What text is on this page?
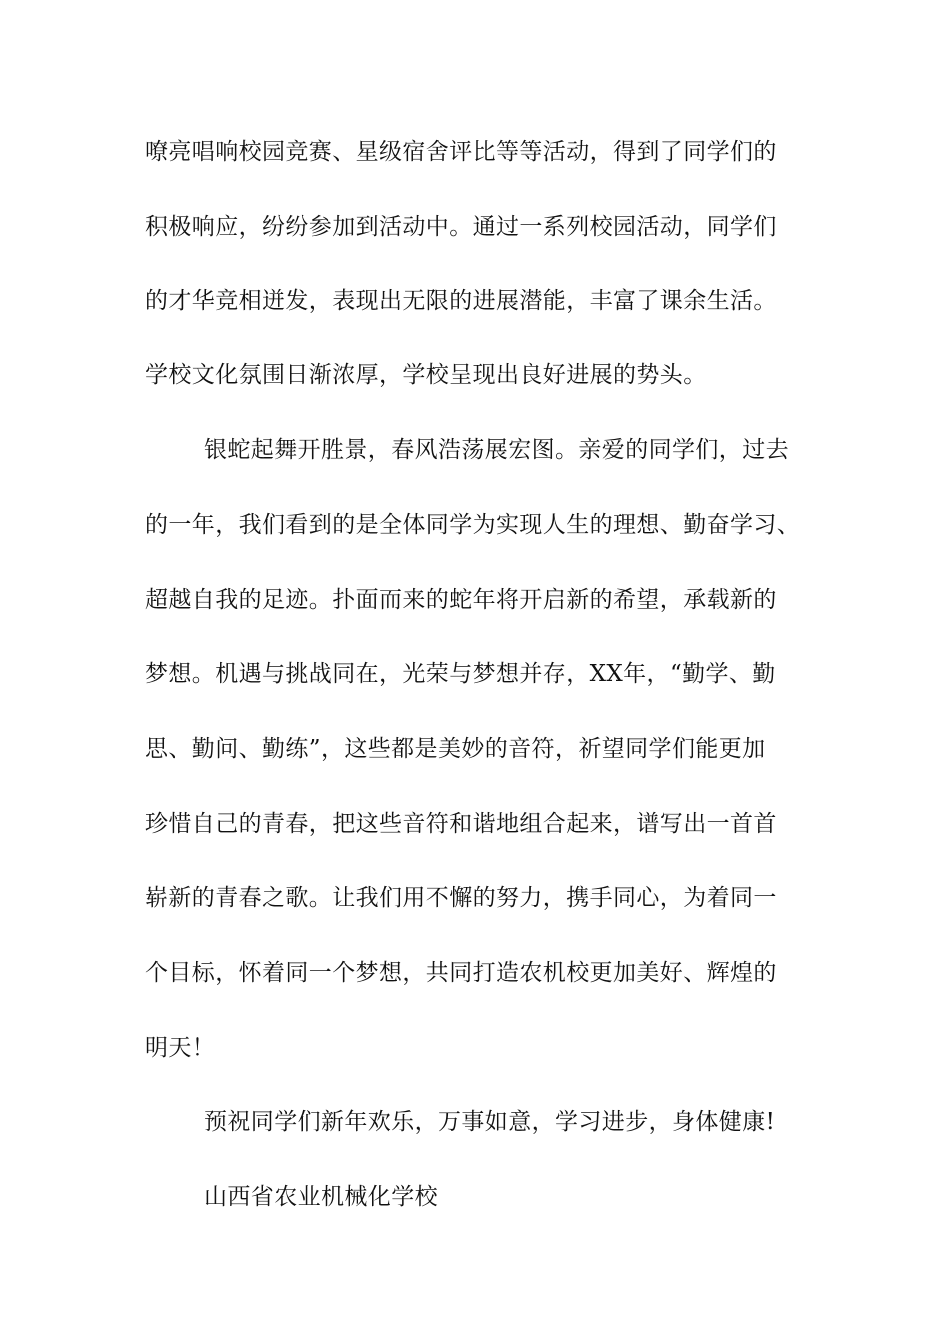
嘹亮唱响校园竞赛、星级宿舍评比等等活动，得到了同学们的
积极响应，纷纷参加到活动中。通过一系列校园活动，同学们
的才华竞相迸发，表现出无限的进展潜能，丰富了课余生活。
学校文化氛围日渐浓厚，学校呈现出良好进展的势头。
银蛇起舞开胜景，春风浩荡展宏图。亲爱的同学们，过去
的一年，我们看到的是全体同学为实现人生的理想、勤奋学习、
超越自我的足迹。扑面而来的蛇年将开启新的希望，承载新的
梦想。机遇与挑战同在，光荣与梦想并存，XX年，“勤学、勤
思、勤问、勤练”，这些都是美妙的音符，祈望同学们能更加
珍惜自己的青春，把这些音符和谐地组合起来，谱写出一首首
崭新的青春之歌。让我们用不懈的努力，携手同心，为着同一
个目标，怀着同一个梦想，共同打造农机校更加美好、辉煌的
明天！
预祝同学们新年欢乐，万事如意，学习进步，身体健康!
山西省农业机械化学校
